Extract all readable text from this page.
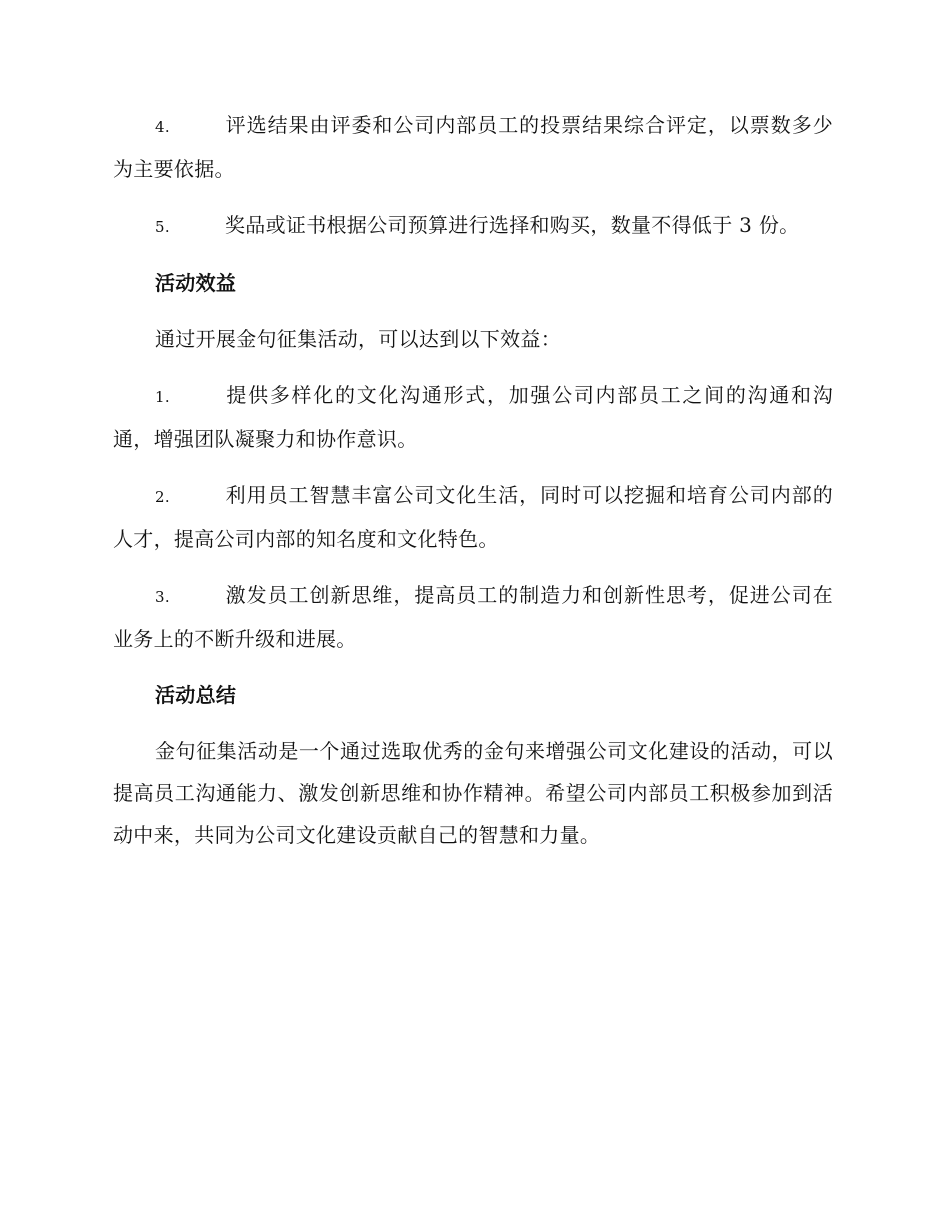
4.	评选结果由评委和公司内部员工的投票结果综合评定，以票数多少为主要依据。

5.	奖品或证书根据公司预算进行选择和购买，数量不得低于 3 份。

活动效益

通过开展金句征集活动，可以达到以下效益：

1.	提供多样化的文化沟通形式，加强公司内部员工之间的沟通和沟通，增强团队凝聚力和协作意识。

2.	利用员工智慧丰富公司文化生活，同时可以挖掘和培育公司内部的人才，提高公司内部的知名度和文化特色。

3.	激发员工创新思维，提高员工的制造力和创新性思考，促进公司在业务上的不断升级和进展。

活动总结

金句征集活动是一个通过选取优秀的金句来增强公司文化建设的活动，可以提高员工沟通能力、激发创新思维和协作精神。希望公司内部员工积极参加到活动中来，共同为公司文化建设贡献自己的智慧和力量。
